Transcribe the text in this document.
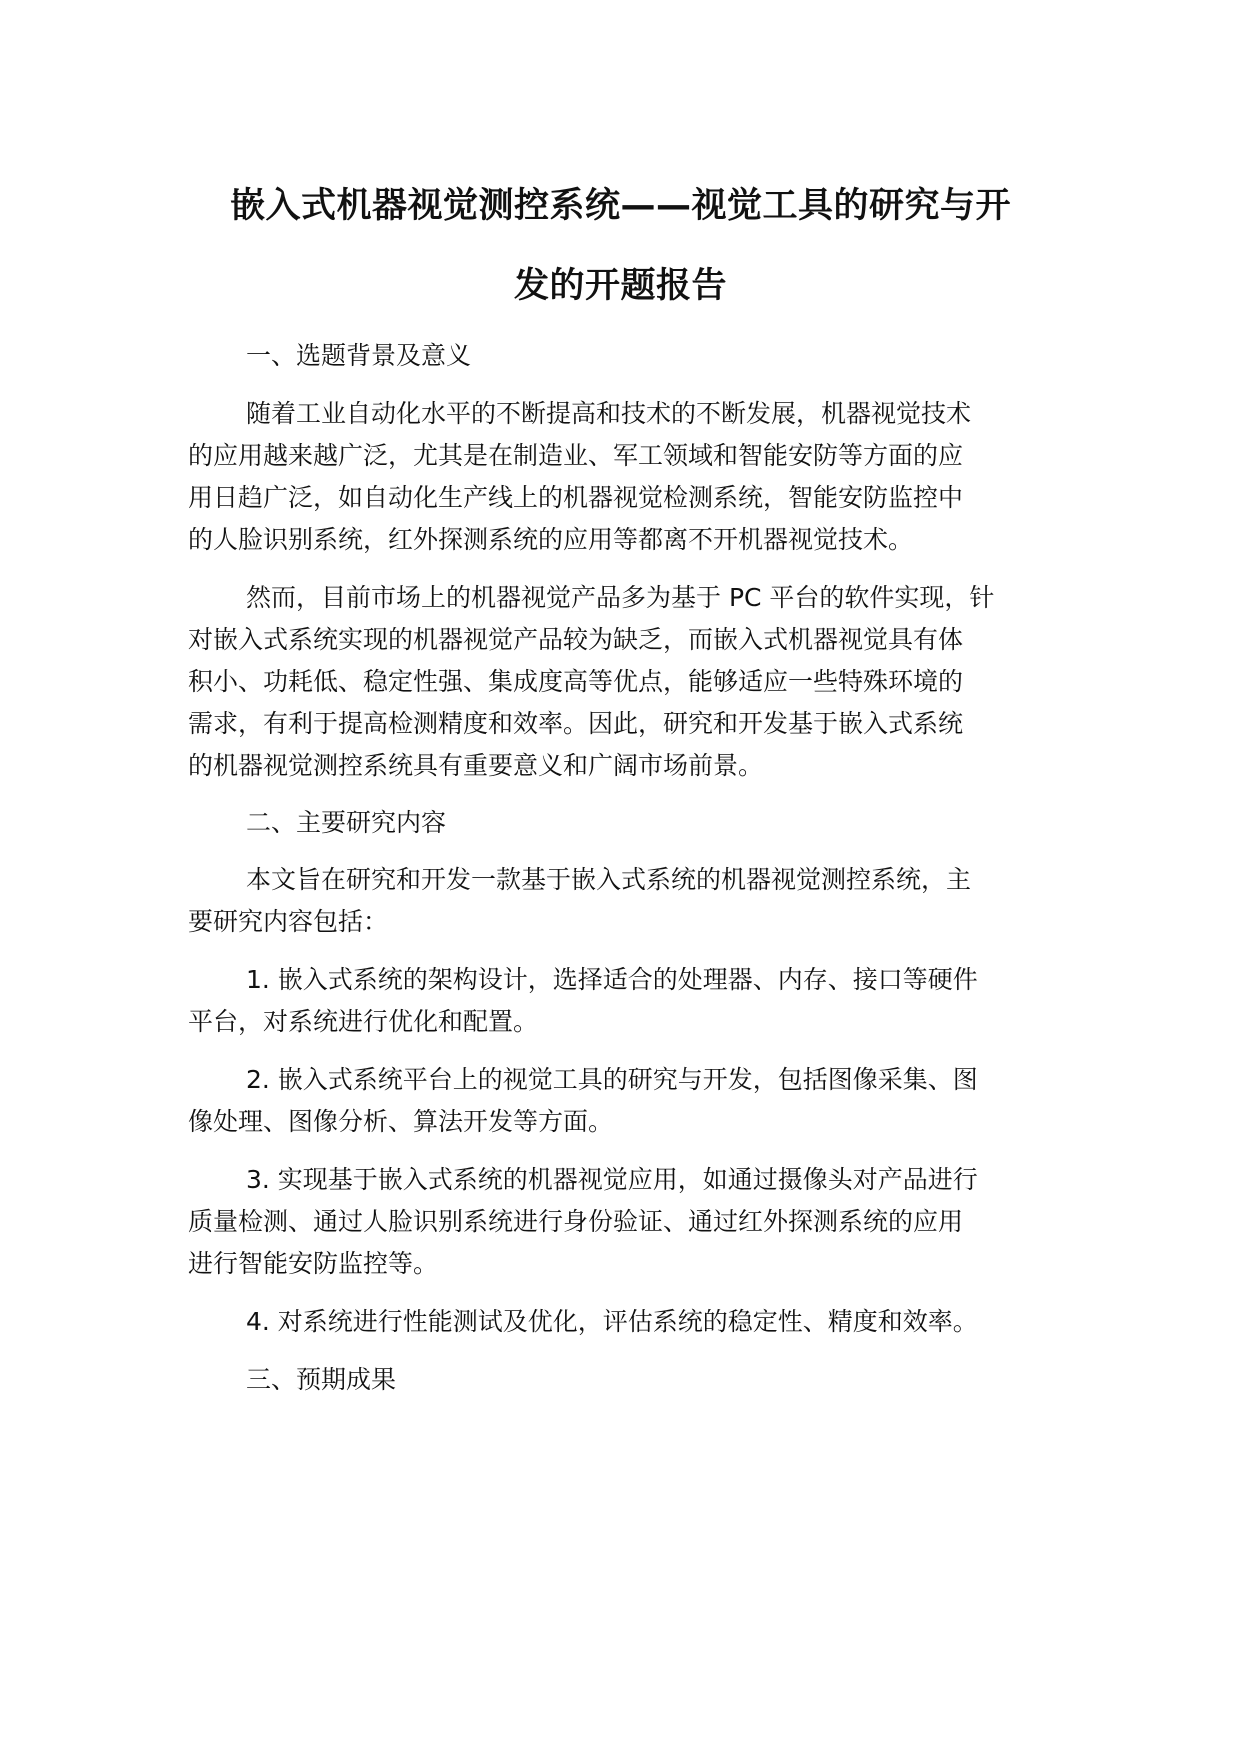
嵌入式机器视觉测控系统——视觉工具的研究与开
发的开题报告

一、选题背景及意义

随着工业自动化水平的不断提高和技术的不断发展，机器视觉技术

的应用越来越广泛，尤其是在制造业、军工领域和智能安防等方面的应

用日趋广泛，如自动化生产线上的机器视觉检测系统，智能安防监控中

的人脸识别系统，红外探测系统的应用等都离不开机器视觉技术。

然而，目前市场上的机器视觉产品多为基于 PC 平台的软件实现，针

对嵌入式系统实现的机器视觉产品较为缺乏，而嵌入式机器视觉具有体

积小、功耗低、稳定性强、集成度高等优点，能够适应一些特殊环境的

需求，有利于提高检测精度和效率。因此，研究和开发基于嵌入式系统

的机器视觉测控系统具有重要意义和广阔市场前景。

二、主要研究内容

本文旨在研究和开发一款基于嵌入式系统的机器视觉测控系统，主

要研究内容包括：

1. 嵌入式系统的架构设计，选择适合的处理器、内存、接口等硬件

平台，对系统进行优化和配置。

2. 嵌入式系统平台上的视觉工具的研究与开发，包括图像采集、图

像处理、图像分析、算法开发等方面。

3. 实现基于嵌入式系统的机器视觉应用，如通过摄像头对产品进行

质量检测、通过人脸识别系统进行身份验证、通过红外探测系统的应用

进行智能安防监控等。

4. 对系统进行性能测试及优化，评估系统的稳定性、精度和效率。

三、预期成果
